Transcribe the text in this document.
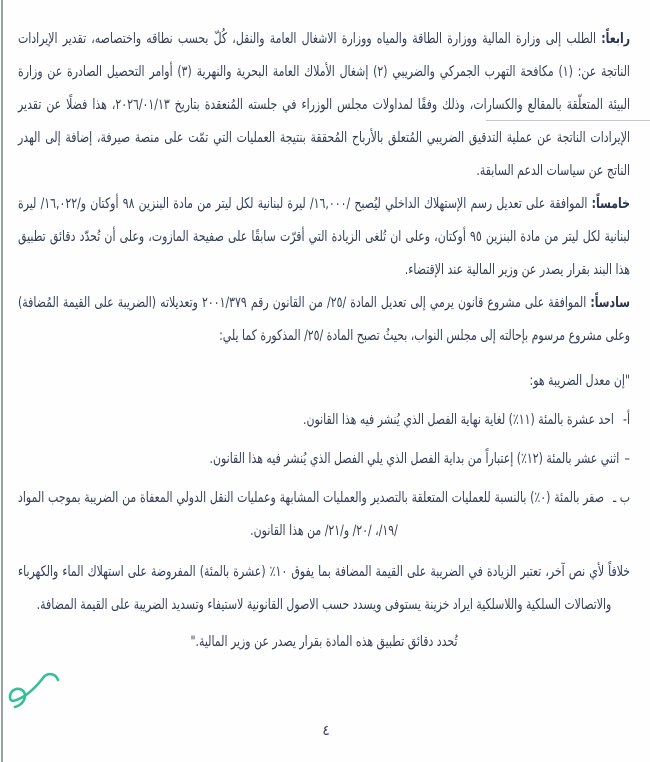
رابعاً: الطلب إلى وزارة المالية ووزارة الطاقة والمياه ووزارة الاشغال العامة والنقل، كُلّ بحسب نطاقه واختصاصه، تقدير الإيرادات الناتجة عن: (١) مكافحة التهرب الجمركي والضريبي (٢) إشغال الأملاك العامة البحرية والنهرية (٣) أوامر التحصيل الصادرة عن وزارة البيئة المتعلّقة بالمقالع والكسارات، وذلك وفقًا لمداولات مجلس الوزراء في جلسته المُنعقدة بتاريخ ٢٠٢٦/٠١/١٣، هذا فضلًا عن تقدير الإيرادات الناتجة عن عملية التدقيق الضريبي المُتعلق بالأرباح المُحققة بنتيجة العمليات التي تمّت على منصة صيرفة، إضافة إلى الهدر الناتج عن سياسات الدعم السابقة.

خامساً: الموافقة على تعديل رسم الإستهلاك الداخلي ليُصبح /١٦,٠٠٠/ ليرة لبنانية لكل ليتر من مادة البنزين ٩٨ أوكتان و/١٦,٠٢٢/ ليرة لبنانية لكل ليتر من مادة البنزين ٩٥ أوكتان، وعلى ان تُلغى الزيادة التي أقرّت سابقًا على صفيحة المازوت، وعلى أن تُحدّد دقائق تطبيق هذا البند بقرار يصدر عن وزير المالية عند الإقتضاء.

سادساً: الموافقة على مشروع قانون يرمي إلى تعديل المادة /٢٥/ من القانون رقم ٢٠٠١/٣٧٩ وتعديلاته (الضريبة على القيمة المُضافة) وعلى مشروع مرسوم بإحالته إلى مجلس النواب، بحيثُ تصبح المادة /٢٥/ المذكورة كما يلي:

"إن معدل الضريبة هو:

أ-احد عشرة بالمئة (١١٪) لغاية نهاية الفصل الذي يُنشر فيه هذا القانون.

–اثني عشر بالمئة (١٢٪) إعتباراً من بداية الفصل الذي يلي الفصل الذي يُنشر فيه هذا القانون.

ب ـصفر بالمئة (٠٪) بالنسبة للعمليات المتعلقة بالتصدير والعمليات المشابهة وعمليات النقل الدولي المعفاة من الضريبة بموجب المواد /١٩/، /٢٠/ و/٢١/ من هذا القانون.

خلافاً لأي نص آخر، تعتبر الزيادة في الضريبة على القيمة المضافة بما يفوق ١٠٪ (عشرة بالمئة) المفروضة على استهلاك الماء والكهرباء والاتصالات السلكية واللاسلكية ايراد خزينة يستوفى ويسدد حسب الاصول القانونية لاستيفاء وتسديد الضريبة على القيمة المضافة.

تُحدد دقائق تطبيق هذه المادة بقرار يصدر عن وزير المالية."

٤
